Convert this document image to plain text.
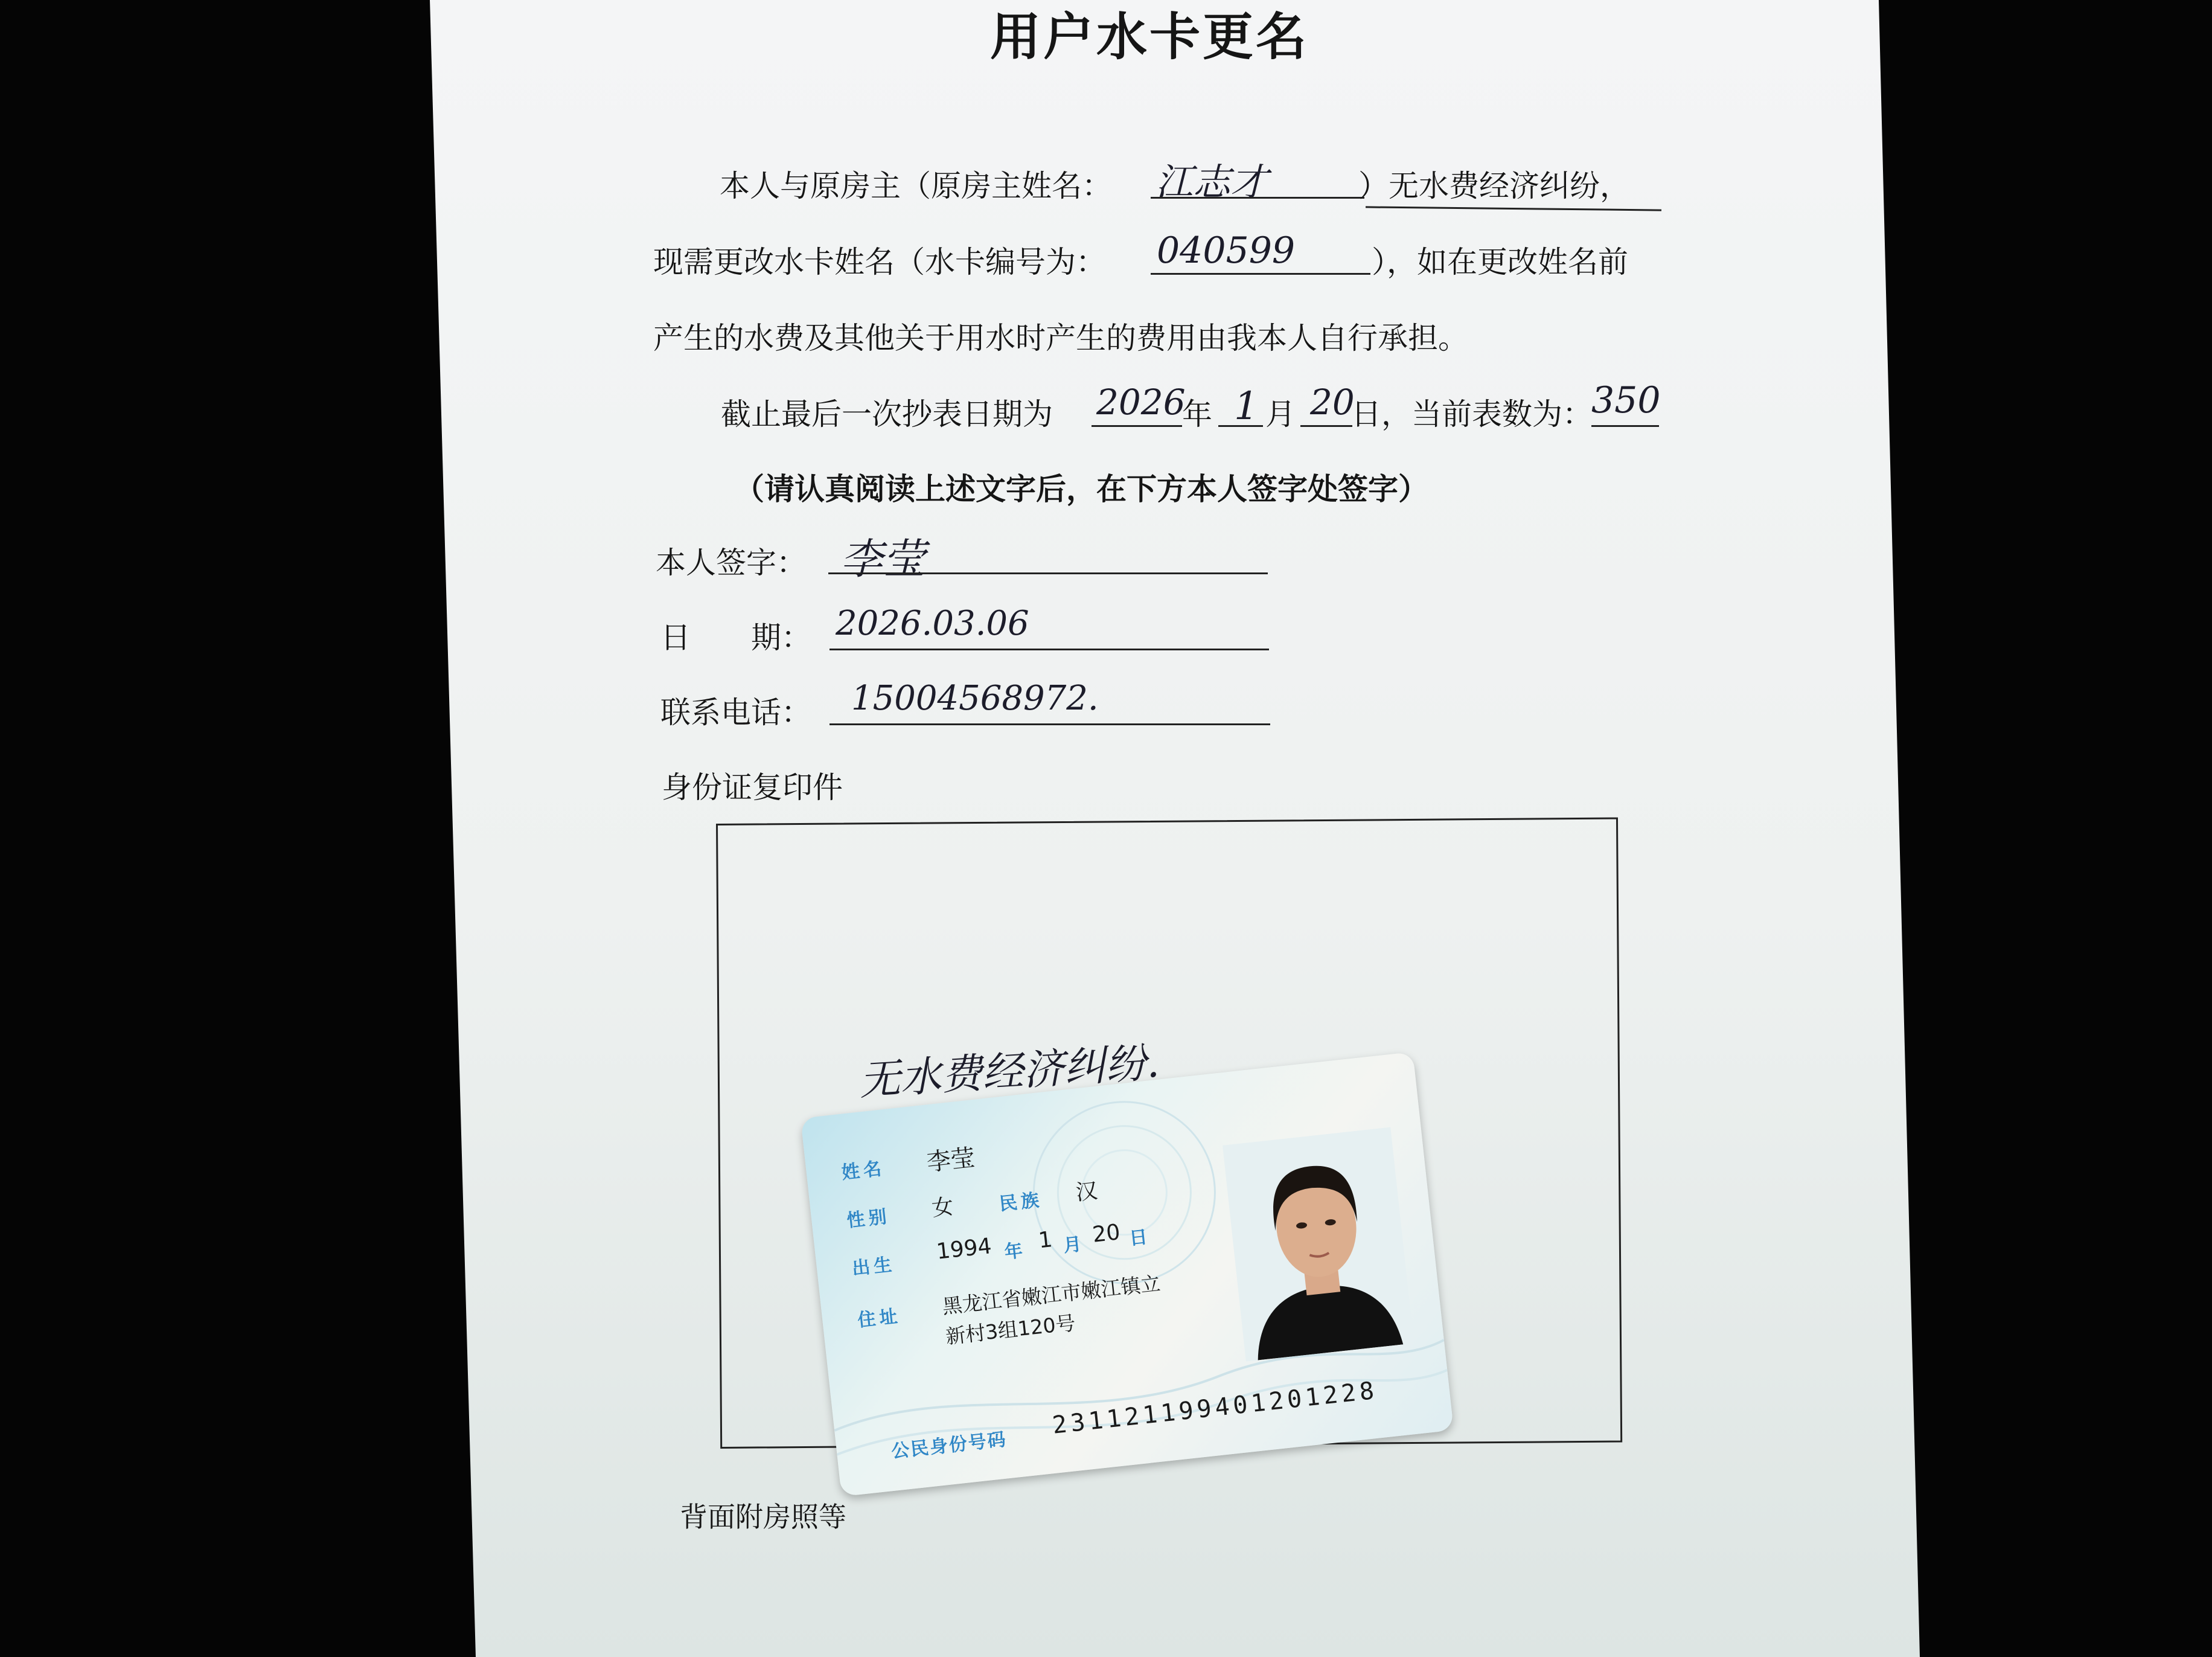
用户水卡更名
本人与原房主（原房主姓名： 江志才	）无水费经济纠纷，
现需更改水卡姓名（水卡编号为： 040599	），如在更改姓名前
产生的水费及其他关于用水时产生的费用由我本人自行承担。
截止最后一次抄表日期为 2026
年 1 月 20
日，当前表数为：
350
（请认真阅读上述文字后，在下方本人签字处签字）
本人签字： 李莹
日　　期： 2026.03.06
联系电话： 15004568972.
身份证复印件
无水费经济纠纷.
背面附房照等
姓名 李莹
性别 女 民族 汉
出生
1994 年 1 月 20 日
住址
黑龙江省嫩江市嫩江镇立
新村3组120号
公民身份号码
231121199401201228
